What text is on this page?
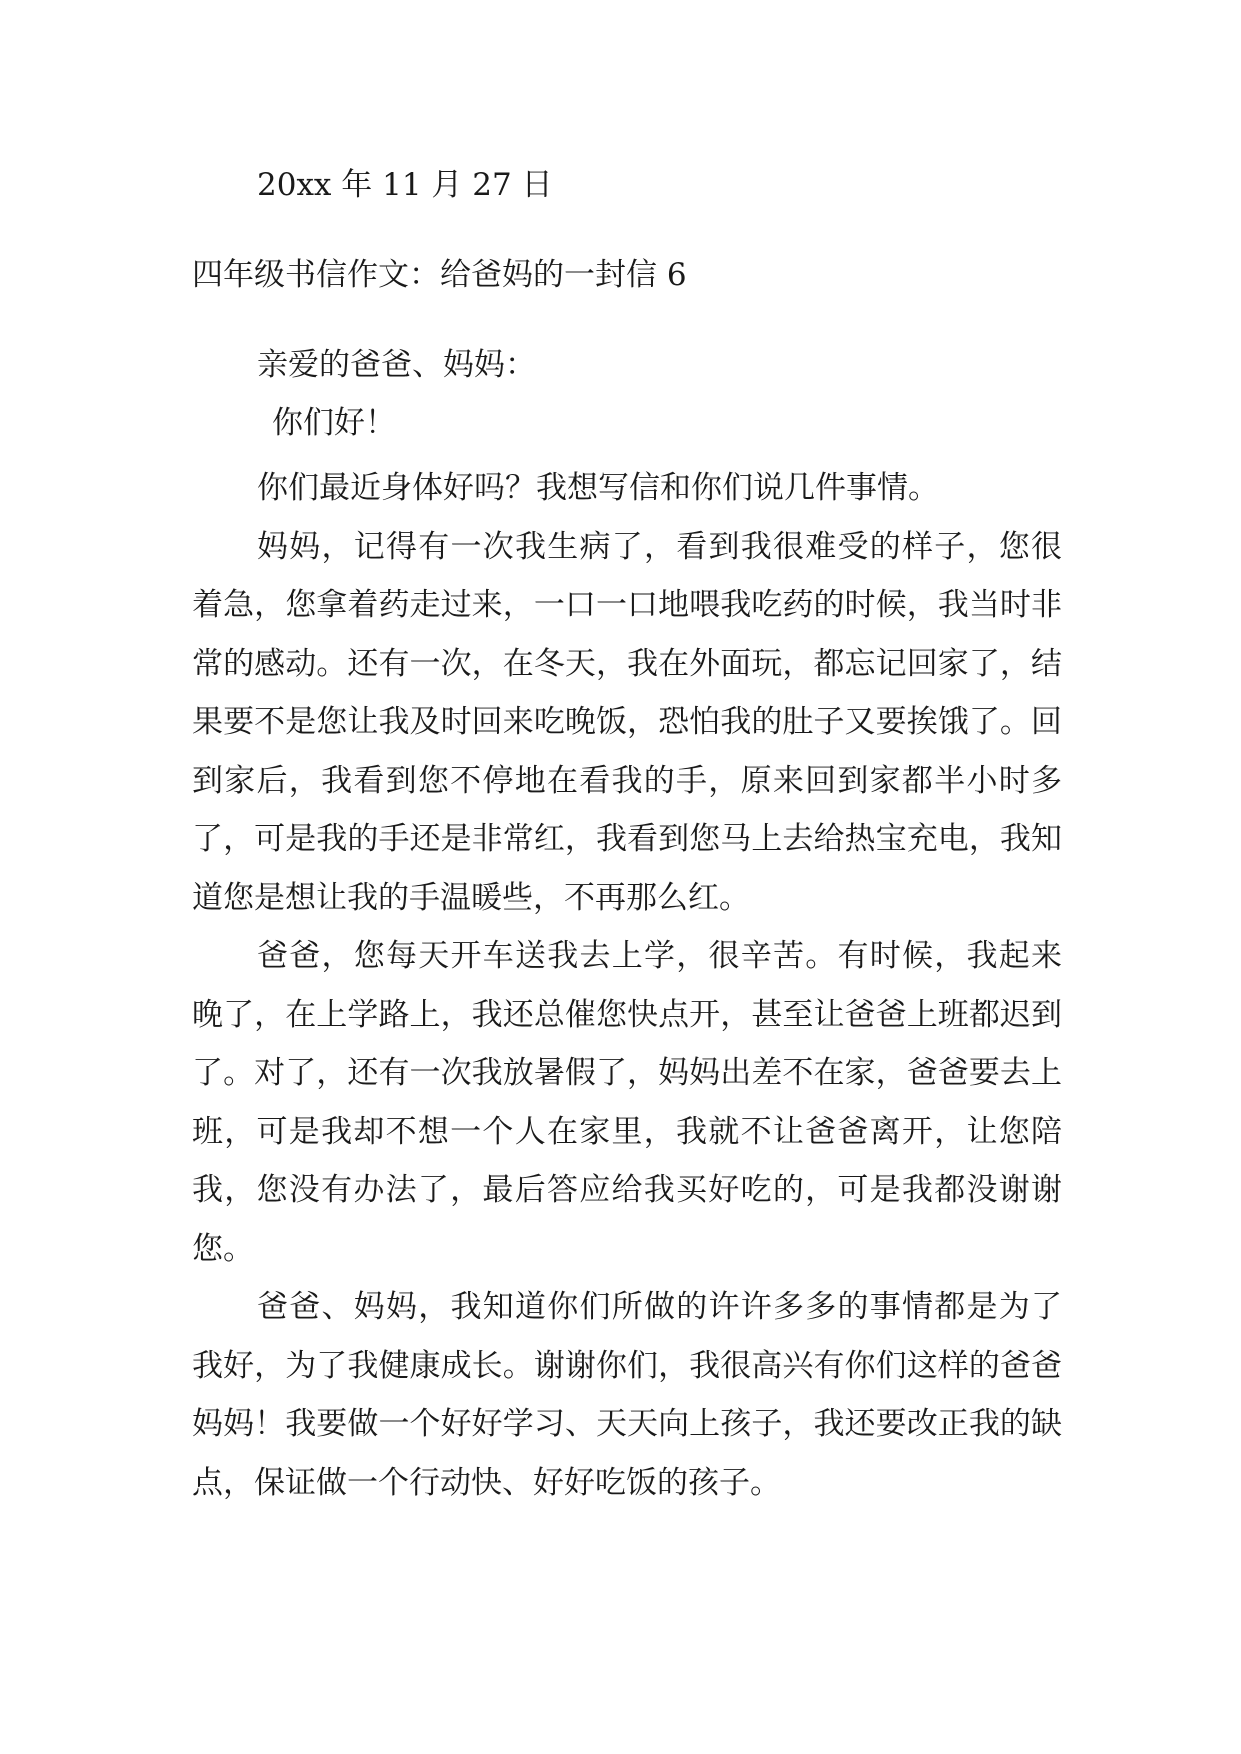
20xx 年 11 月 27 日
四年级书信作文：给爸妈的一封信 6
亲爱的爸爸、妈妈：
你们好！

你们最近身体好吗？我想写信和你们说几件事情。

妈妈，记得有一次我生病了，看到我很难受的样子，您很着急，您拿着药走过来，一口一口地喂我吃药的时候，我当时非常的感动。还有一次，在冬天，我在外面玩，都忘记回家了，结果要不是您让我及时回来吃晚饭，恐怕我的肚子又要挨饿了。回到家后，我看到您不停地在看我的手，原来回到家都半小时多了，可是我的手还是非常红，我看到您马上去给热宝充电，我知道您是想让我的手温暖些，不再那么红。

爸爸，您每天开车送我去上学，很辛苦。有时候，我起来晚了，在上学路上，我还总催您快点开，甚至让爸爸上班都迟到了。对了，还有一次我放暑假了，妈妈出差不在家，爸爸要去上班，可是我却不想一个人在家里，我就不让爸爸离开，让您陪我，您没有办法了，最后答应给我买好吃的，可是我都没谢谢您。

爸爸、妈妈，我知道你们所做的许许多多的事情都是为了我好，为了我健康成长。谢谢你们，我很高兴有你们这样的爸爸妈妈！我要做一个好好学习、天天向上孩子，我还要改正我的缺点，保证做一个行动快、好好吃饭的孩子。
